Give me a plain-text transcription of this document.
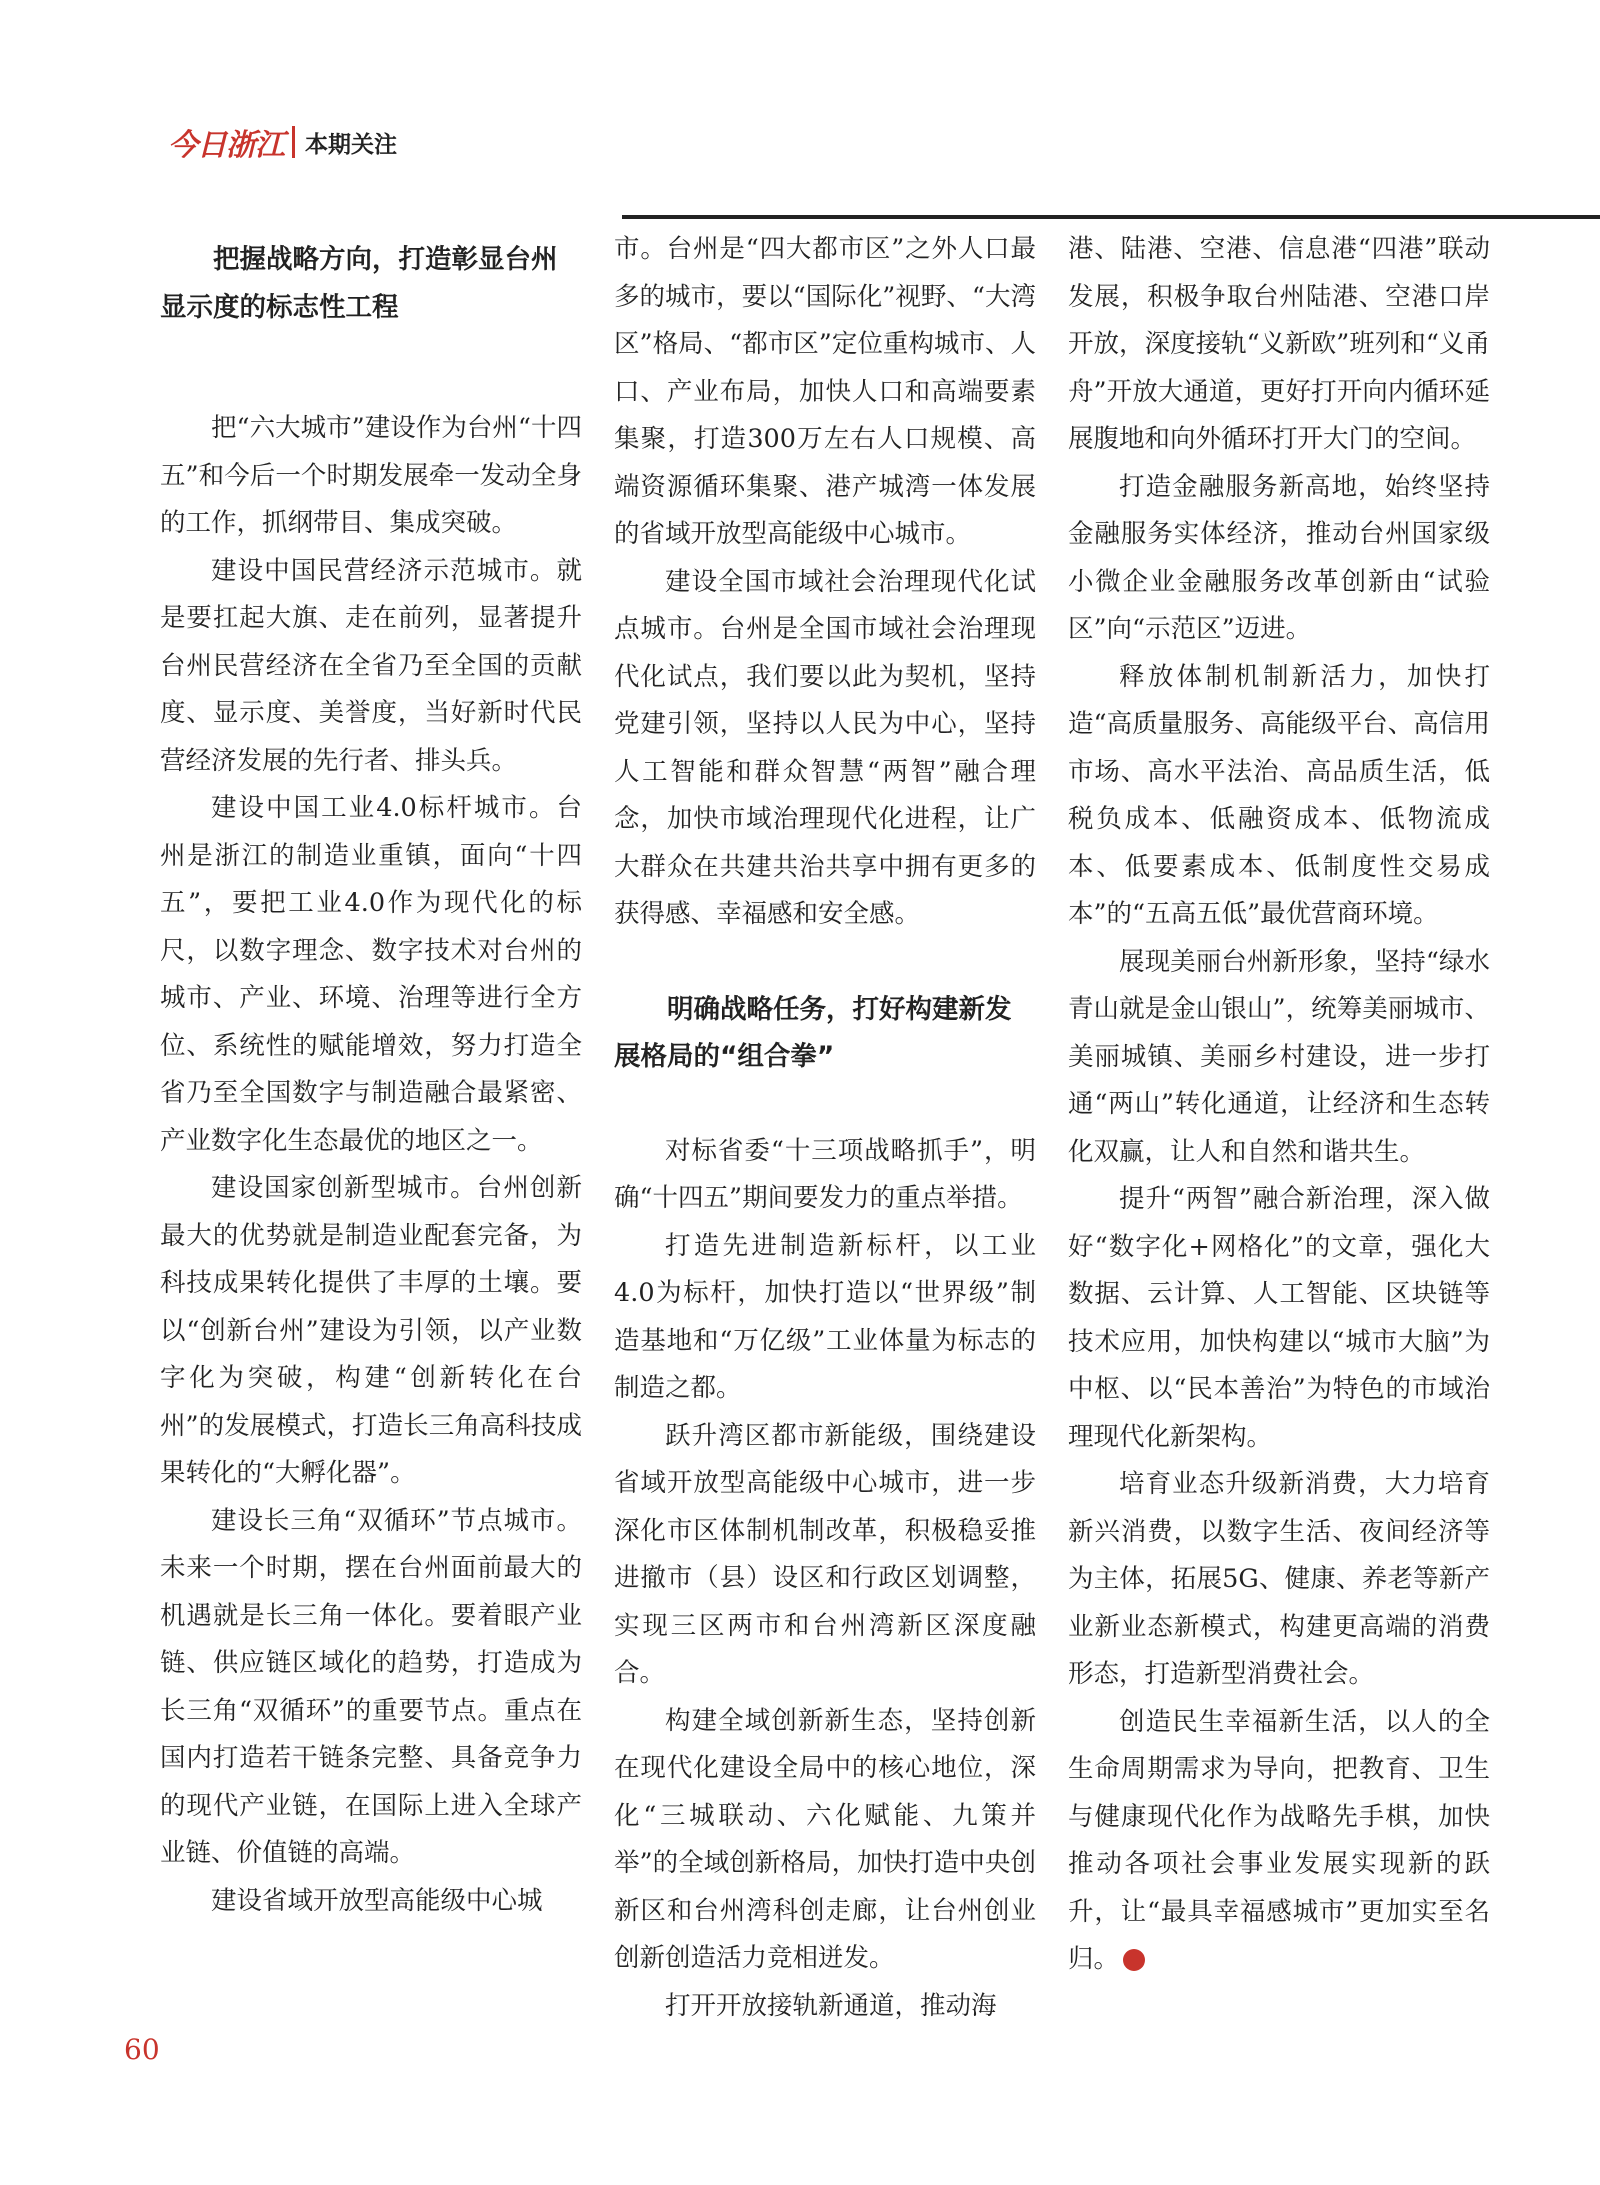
今日浙江 本期关注
把握战略方向，打造彰显台州显示度的标志性工程

把“六大城市”建设作为台州“十四五”和今后一个时期发展牵一发动全身的工作，抓纲带目、集成突破。

建设中国民营经济示范城市。就是要扛起大旗、走在前列，显著提升台州民营经济在全省乃至全国的贡献度、显示度、美誉度，当好新时代民营经济发展的先行者、排头兵。

建设中国工业4.0标杆城市。台州是浙江的制造业重镇，面向“十四五”，要把工业4.0作为现代化的标尺，以数字理念、数字技术对台州的城市、产业、环境、治理等进行全方位、系统性的赋能增效，努力打造全省乃至全国数字与制造融合最紧密、产业数字化生态最优的地区之一。

建设国家创新型城市。台州创新最大的优势就是制造业配套完备，为科技成果转化提供了丰厚的土壤。要以“创新台州”建设为引领，以产业数字化为突破，构建“创新转化在台州”的发展模式，打造长三角高科技成果转化的“大孵化器”。

建设长三角“双循环”节点城市。未来一个时期，摆在台州面前最大的机遇就是长三角一体化。要着眼产业链、供应链区域化的趋势，打造成为长三角“双循环”的重要节点。重点在国内打造若干链条完整、具备竞争力的现代产业链，在国际上进入全球产业链、价值链的高端。

建设省域开放型高能级中心城

市。台州是“四大都市区”之外人口最多的城市，要以“国际化”视野、“大湾区”格局、“都市区”定位重构城市、人口、产业布局，加快人口和高端要素集聚，打造300万左右人口规模、高端资源循环集聚、港产城湾一体发展的省域开放型高能级中心城市。

建设全国市域社会治理现代化试点城市。台州是全国市域社会治理现代化试点，我们要以此为契机，坚持党建引领，坚持以人民为中心，坚持人工智能和群众智慧“两智”融合理念，加快市域治理现代化进程，让广大群众在共建共治共享中拥有更多的获得感、幸福感和安全感。

明确战略任务，打好构建新发展格局的“组合拳”

对标省委“十三项战略抓手”，明确“十四五”期间要发力的重点举措。

打造先进制造新标杆，以工业4.0为标杆，加快打造以“世界级”制造基地和“万亿级”工业体量为标志的制造之都。

跃升湾区都市新能级，围绕建设省域开放型高能级中心城市，进一步深化市区体制机制改革，积极稳妥推进撤市（县）设区和行政区划调整，实现三区两市和台州湾新区深度融合。

构建全域创新新生态，坚持创新在现代化建设全局中的核心地位，深化“三城联动、六化赋能、九策并举”的全域创新格局，加快打造中央创新区和台州湾科创走廊，让台州创业创新创造活力竞相迸发。

打开开放接轨新通道，推动海

港、陆港、空港、信息港“四港”联动发展，积极争取台州陆港、空港口岸开放，深度接轨“义新欧”班列和“义甬舟”开放大通道，更好打开向内循环延展腹地和向外循环打开大门的空间。

打造金融服务新高地，始终坚持金融服务实体经济，推动台州国家级小微企业金融服务改革创新由“试验区”向“示范区”迈进。

释放体制机制新活力，加快打造“高质量服务、高能级平台、高信用市场、高水平法治、高品质生活，低税负成本、低融资成本、低物流成本、低要素成本、低制度性交易成本”的“五高五低”最优营商环境。

展现美丽台州新形象，坚持“绿水青山就是金山银山”，统筹美丽城市、美丽城镇、美丽乡村建设，进一步打通“两山”转化通道，让经济和生态转化双赢，让人和自然和谐共生。

提升“两智”融合新治理，深入做好“数字化+网格化”的文章，强化大数据、云计算、人工智能、区块链等技术应用，加快构建以“城市大脑”为中枢、以“民本善治”为特色的市域治理现代化新架构。

培育业态升级新消费，大力培育新兴消费，以数字生活、夜间经济等为主体，拓展5G、健康、养老等新产业新业态新模式，构建更高端的消费形态，打造新型消费社会。

创造民生幸福新生活，以人的全生命周期需求为导向，把教育、卫生与健康现代化作为战略先手棋，加快推动各项社会事业发展实现新的跃升，让“最具幸福感城市”更加实至名归。

60
